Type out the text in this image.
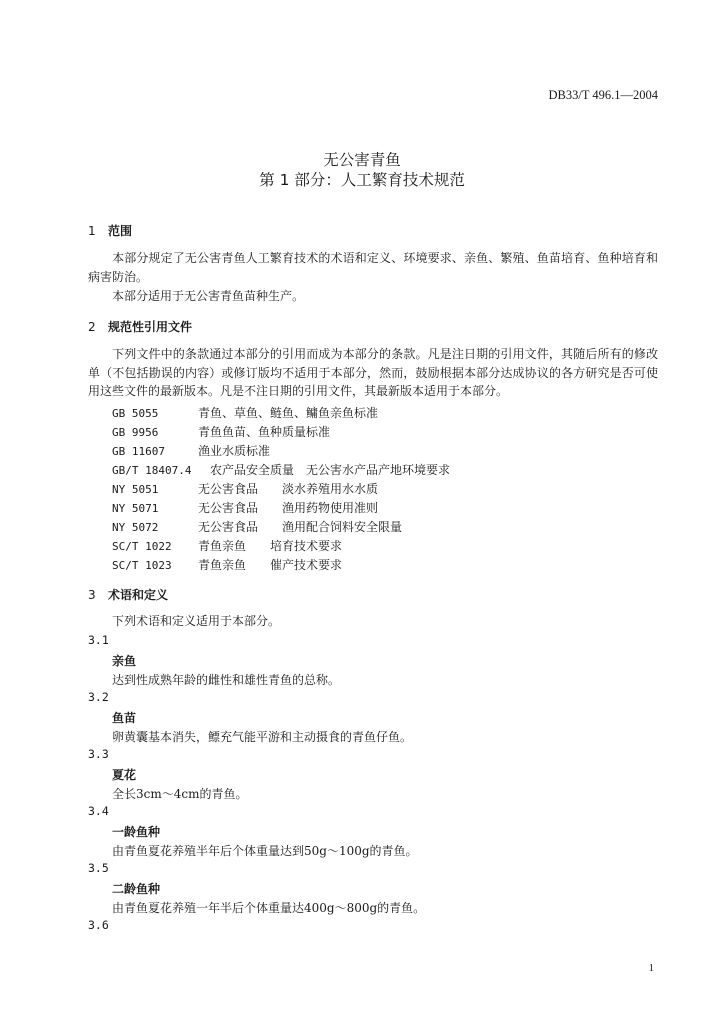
DB33/T 496.1—2004
无公害青鱼
第 1 部分：人工繁育技术规范
1 范围
本部分规定了无公害青鱼人工繁育技术的术语和定义、环境要求、亲鱼、繁殖、鱼苗培育、鱼种培育和病害防治。
本部分适用于无公害青鱼苗种生产。
2 规范性引用文件
下列文件中的条款通过本部分的引用而成为本部分的条款。凡是注日期的引用文件，其随后所有的修改单（不包括勘误的内容）或修订版均不适用于本部分，然而，鼓励根据本部分达成协议的各方研究是否可使用这些文件的最新版本。凡是不注日期的引用文件，其最新版本适用于本部分。
GB 5055	青鱼、草鱼、鲢鱼、鳙鱼亲鱼标准
GB 9956	青鱼鱼苗、鱼种质量标准
GB 11607	渔业水质标准
GB/T 18407.4 农产品安全质量　无公害水产品产地环境要求
NY 5051	无公害食品　　淡水养殖用水水质
NY 5071	无公害食品　　渔用药物使用准则
NY 5072	无公害食品　　渔用配合饲料安全限量
SC/T 1022 青鱼亲鱼　　培育技术要求
SC/T 1023 青鱼亲鱼　　催产技术要求
3 术语和定义
下列术语和定义适用于本部分。
3.1
亲鱼
达到性成熟年龄的雌性和雄性青鱼的总称。
3.2
鱼苗
卵黄囊基本消失，鳔充气能平游和主动摄食的青鱼仔鱼。
3.3
夏花
全长3cm～4cm的青鱼。
3.4
一龄鱼种
由青鱼夏花养殖半年后个体重量达到50g～100g的青鱼。
3.5
二龄鱼种
由青鱼夏花养殖一年半后个体重量达400g～800g的青鱼。
3.6
1
